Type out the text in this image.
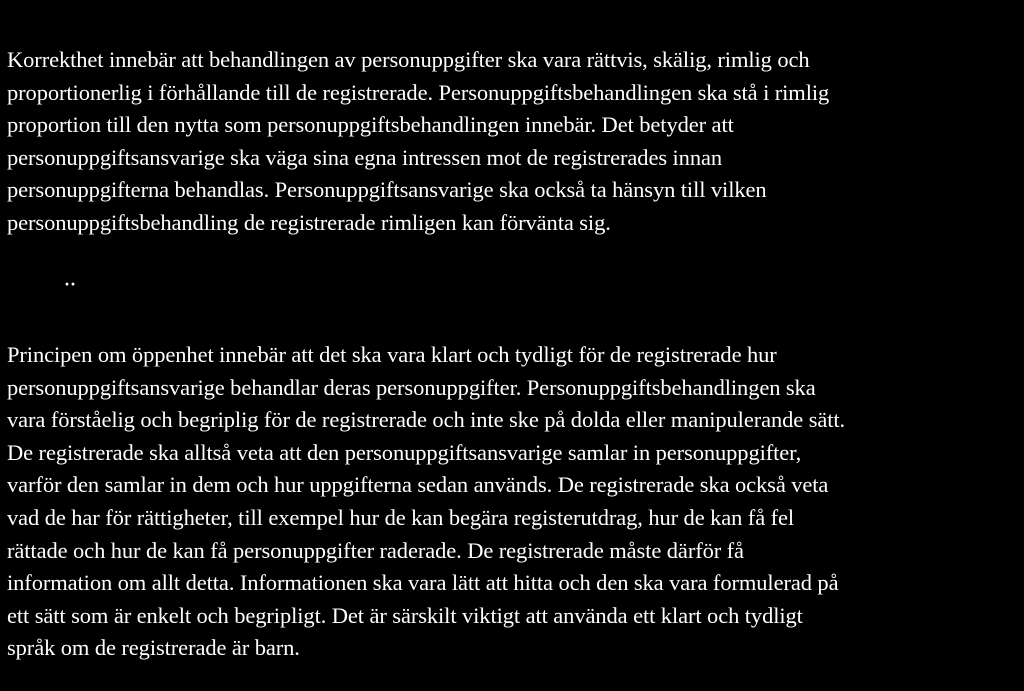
Korrekthet innebär att behandlingen av personuppgifter ska vara rättvis, skälig, rimlig och
proportionerlig i förhållande till de registrerade. Personuppgiftsbehandlingen ska stå i rimlig
proportion till den nytta som personuppgiftsbehandlingen innebär. Det betyder att
personuppgiftsansvarige ska väga sina egna intressen mot de registrerades innan
personuppgifterna behandlas. Personuppgiftsansvarige ska också ta hänsyn till vilken
personuppgiftsbehandling de registrerade rimligen kan förvänta sig.

··

Principen om öppenhet innebär att det ska vara klart och tydligt för de registrerade hur
personuppgiftsansvarige behandlar deras personuppgifter. Personuppgiftsbehandlingen ska
vara förståelig och begriplig för de registrerade och inte ske på dolda eller manipulerande sätt.
De registrerade ska alltså veta att den personuppgiftsansvarige samlar in personuppgifter,
varför den samlar in dem och hur uppgifterna sedan används. De registrerade ska också veta
vad de har för rättigheter, till exempel hur de kan begära registerutdrag, hur de kan få fel
rättade och hur de kan få personuppgifter raderade. De registrerade måste därför få
information om allt detta. Informationen ska vara lätt att hitta och den ska vara formulerad på
ett sätt som är enkelt och begripligt. Det är särskilt viktigt att använda ett klart och tydligt
språk om de registrerade är barn.
